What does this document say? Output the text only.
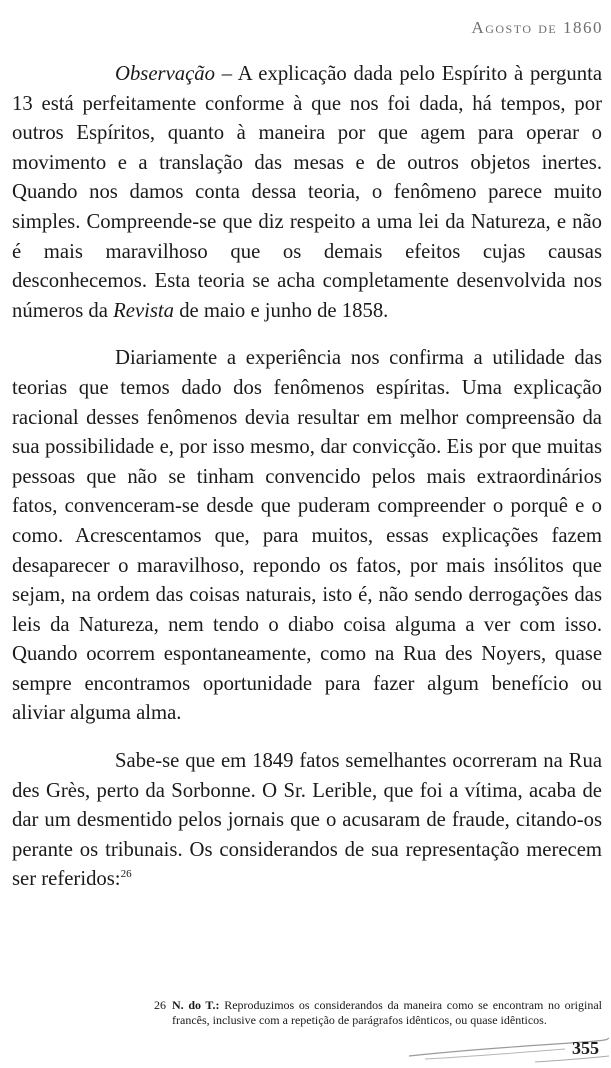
Agosto de 1860

Observação – A explicação dada pelo Espírito à pergunta 13 está perfeitamente conforme à que nos foi dada, há tempos, por outros Espíritos, quanto à maneira por que agem para operar o movimento e a translação das mesas e de outros objetos inertes. Quando nos damos conta dessa teoria, o fenômeno parece muito simples. Compreende-se que diz respeito a uma lei da Natureza, e não é mais maravilhoso que os demais efeitos cujas causas desconhecemos. Esta teoria se acha completamente desenvolvida nos números da Revista de maio e junho de 1858.

Diariamente a experiência nos confirma a utilidade das teorias que temos dado dos fenômenos espíritas. Uma explicação racional desses fenômenos devia resultar em melhor compreensão da sua possibilidade e, por isso mesmo, dar convicção. Eis por que muitas pessoas que não se tinham convencido pelos mais extraordinários fatos, convenceram-se desde que puderam compreender o porquê e o como. Acrescentamos que, para muitos, essas explicações fazem desaparecer o maravilhoso, repondo os fatos, por mais insólitos que sejam, na ordem das coisas naturais, isto é, não sendo derrogações das leis da Natureza, nem tendo o diabo coisa alguma a ver com isso. Quando ocorrem espontaneamente, como na Rua des Noyers, quase sempre encontramos oportunidade para fazer algum benefício ou aliviar alguma alma.

Sabe-se que em 1849 fatos semelhantes ocorreram na Rua des Grès, perto da Sorbonne. O Sr. Lerible, que foi a vítima, acaba de dar um desmentido pelos jornais que o acusaram de fraude, citando-os perante os tribunais. Os considerandos de sua representação merecem ser referidos:$^{26}$

26 N. do T.: Reproduzimos os considerandos da maneira como se encontram no original francês, inclusive com a repetição de parágrafos idênticos, ou quase idênticos.
355
